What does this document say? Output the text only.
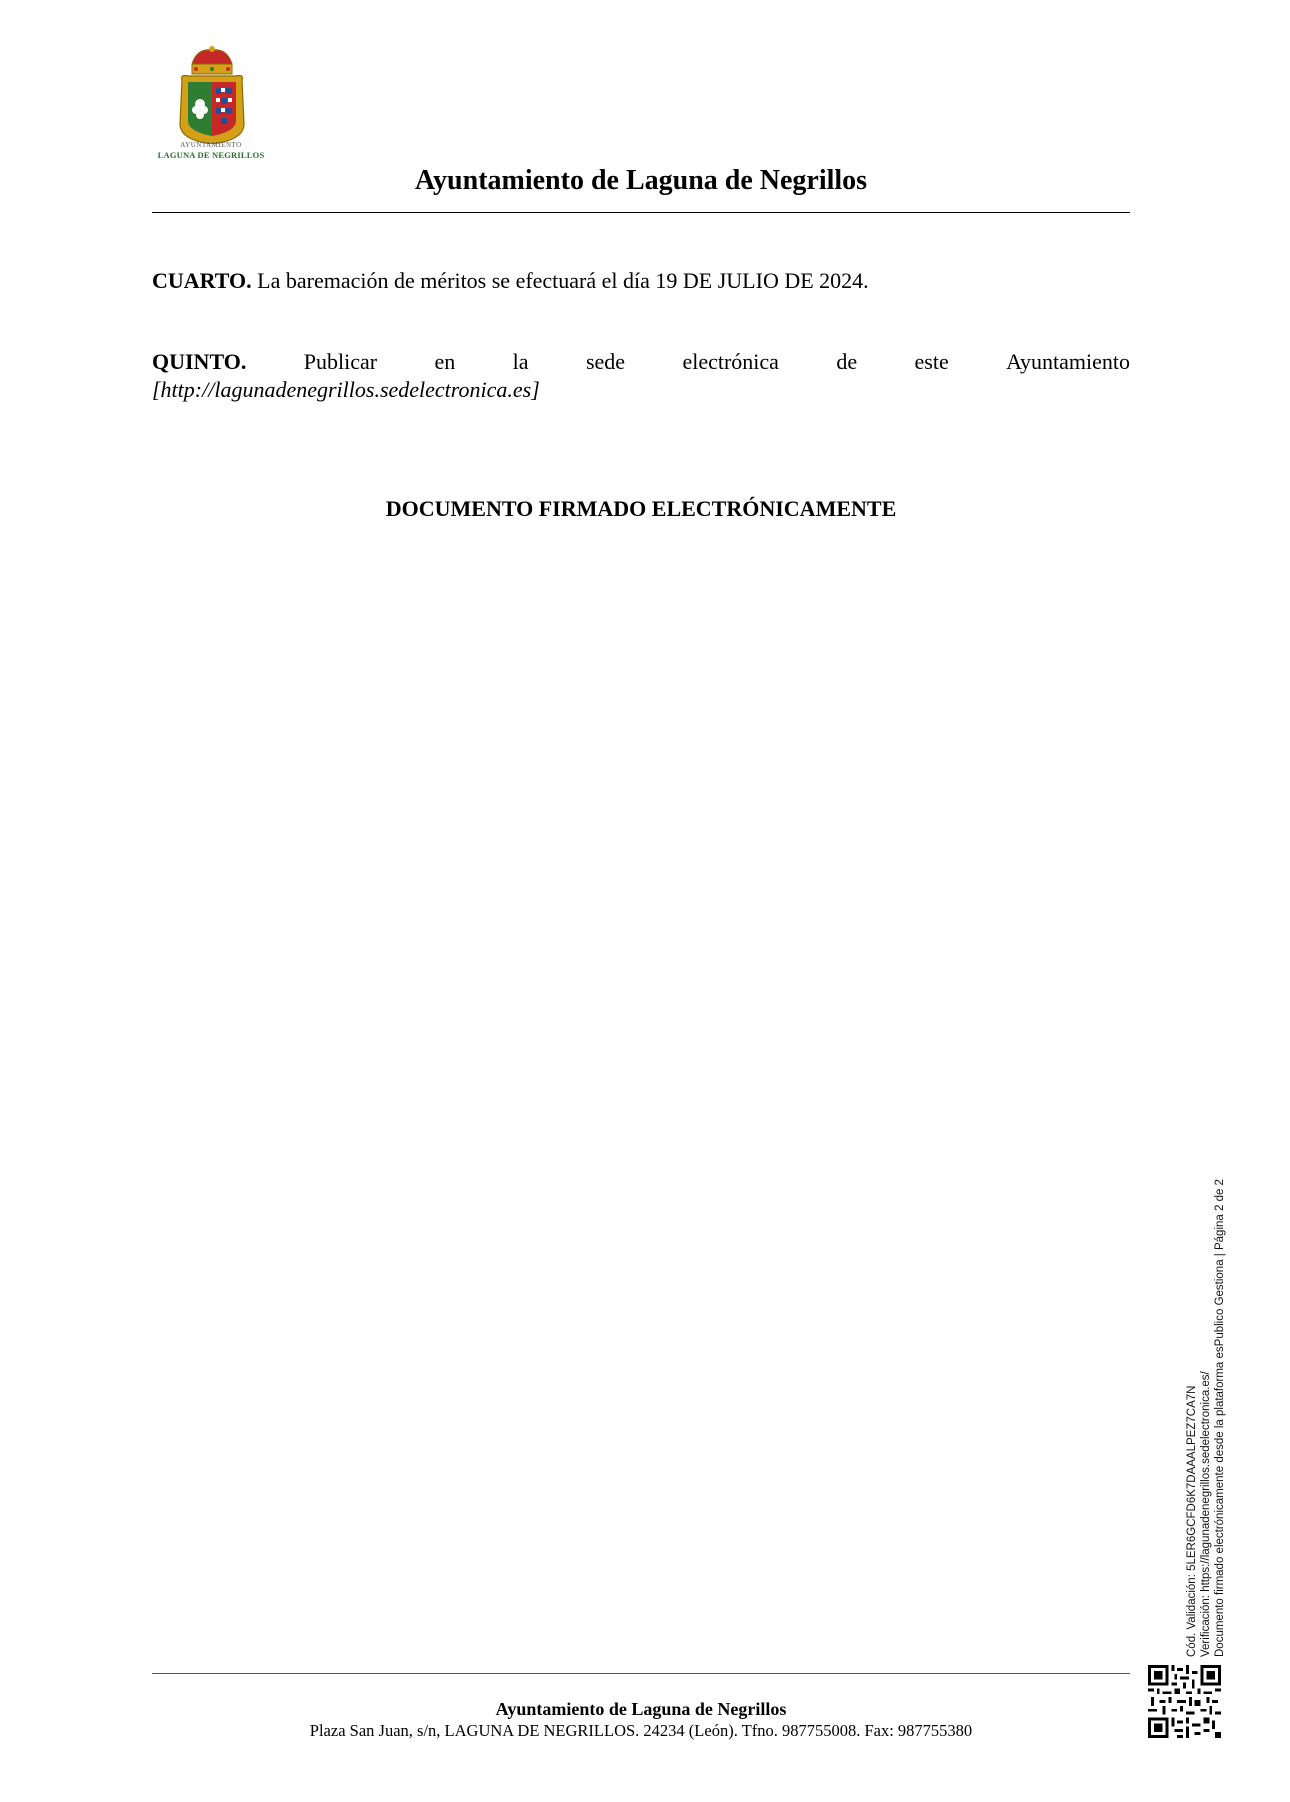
AYUNTAMIENTO
LAGUNA DE NEGRILLOS
Ayuntamiento de Laguna de Negrillos
CUARTO. La baremación de méritos se efectuará el día 19 DE JULIO DE 2024.
QUINTO.	Publicar	en	la	sede	electrónica	de	este	Ayuntamiento
[http://lagunadenegrillos.sedelectronica.es]
DOCUMENTO FIRMADO ELECTRÓNICAMENTE
Cód. Validación: 5LER6GCFD6K7DAAALPEZ7CA7N Verificación: https://lagunadenegrillos.sedelectronica.es/ Documento firmado electrónicamente desde la plataforma esPublico Gestiona | Página 2 de 2
Ayuntamiento de Laguna de Negrillos
Plaza San Juan, s/n, LAGUNA DE NEGRILLOS. 24234 (León). Tfno. 987755008. Fax: 987755380
